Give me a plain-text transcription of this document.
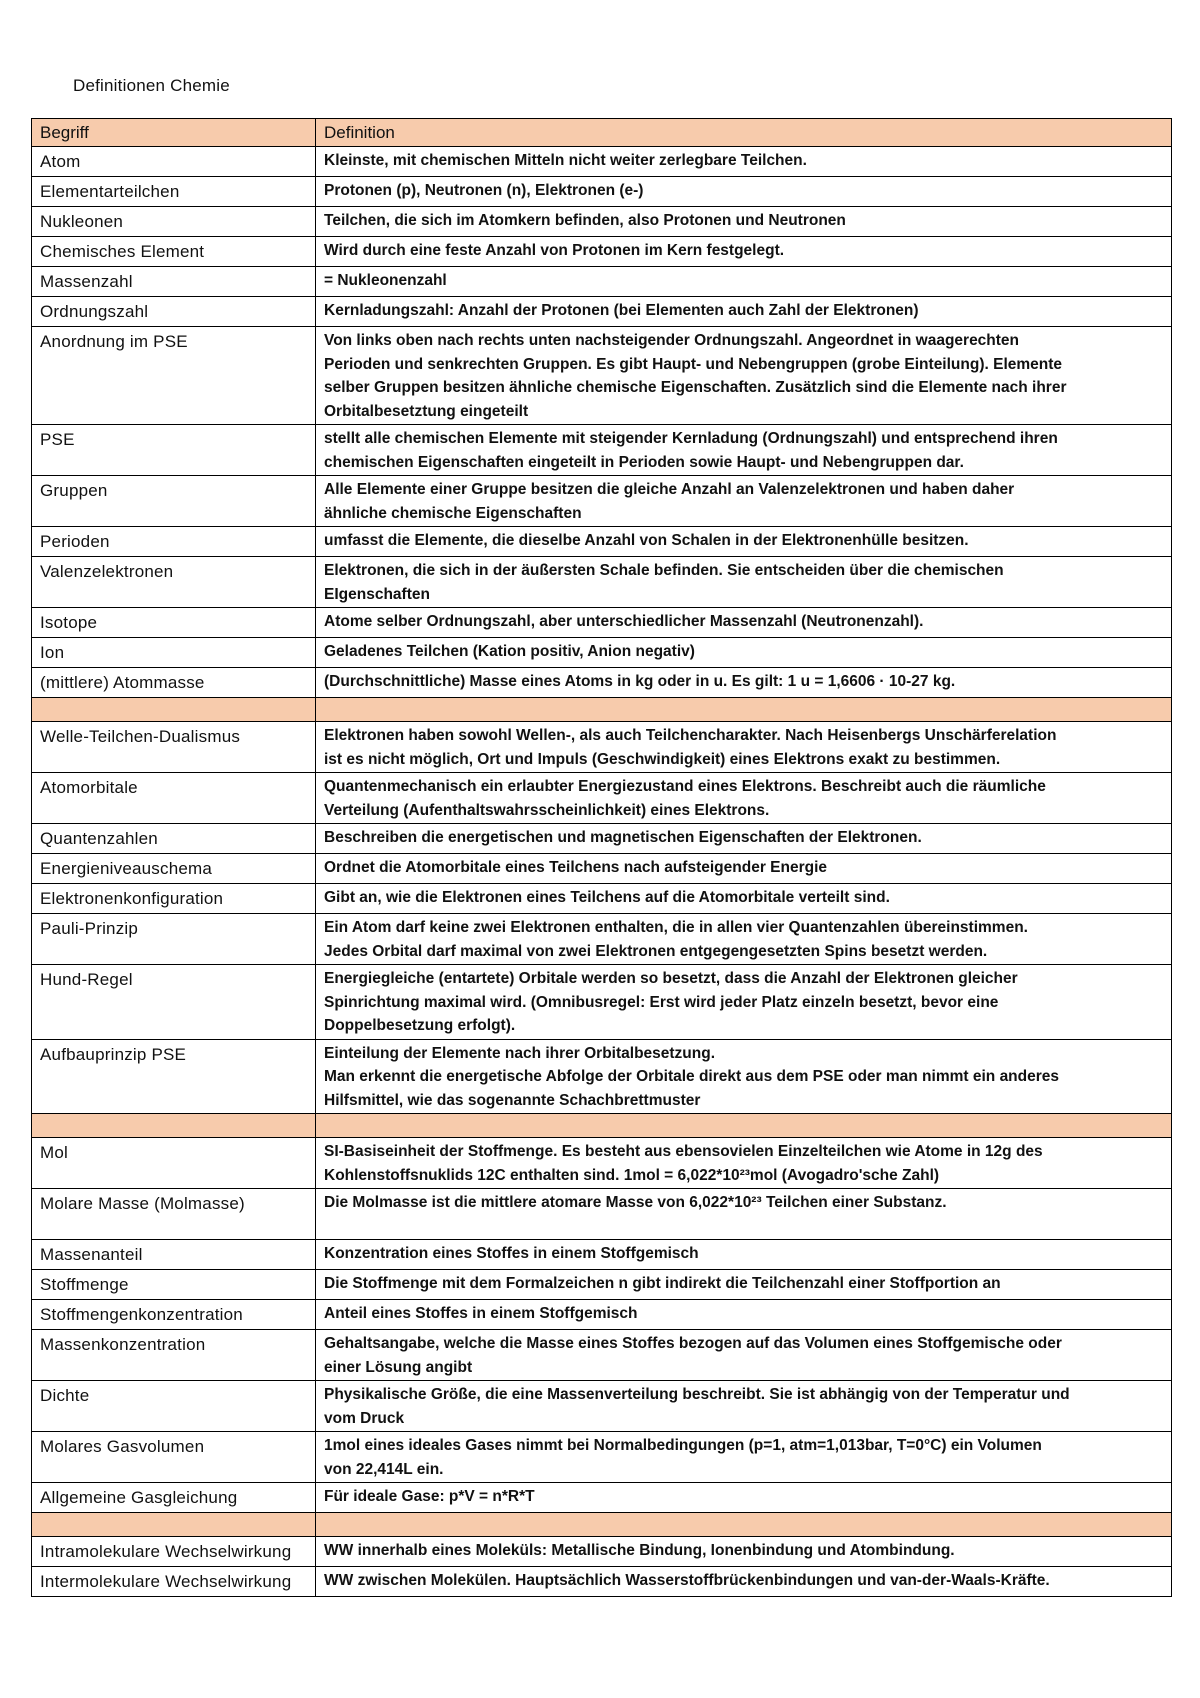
Definitionen Chemie
Begriff	Definition
Atom	Kleinste, mit chemischen Mitteln nicht weiter zerlegbare Teilchen.

Elementarteilchen	Protonen (p), Neutronen (n), Elektronen (e-)

Nukleonen	Teilchen, die sich im Atomkern befinden, also Protonen und Neutronen

Chemisches Element	Wird durch eine feste Anzahl von Protonen im Kern festgelegt.

Massenzahl	= Nukleonenzahl

Ordnungszahl	Kernladungszahl: Anzahl der Protonen (bei Elementen auch Zahl der Elektronen)

Anordnung im PSE	Von links oben nach rechts unten nachsteigender Ordnungszahl. Angeordnet in waagerechten
Perioden und senkrechten Gruppen. Es gibt Haupt- und Nebengruppen (grobe Einteilung). Elemente
selber Gruppen besitzen ähnliche chemische Eigenschaften. Zusätzlich sind die Elemente nach ihrer
Orbitalbesetztung eingeteilt

PSE	stellt alle chemischen Elemente mit steigender Kernladung (Ordnungszahl) und entsprechend ihren
chemischen Eigenschaften eingeteilt in Perioden sowie Haupt- und Nebengruppen dar.

Gruppen	Alle Elemente einer Gruppe besitzen die gleiche Anzahl an Valenzelektronen und haben daher
ähnliche chemische Eigenschaften

Perioden	umfasst die Elemente, die dieselbe Anzahl von Schalen in der Elektronenhülle besitzen.

Valenzelektronen	Elektronen, die sich in der äußersten Schale befinden. Sie entscheiden über die chemischen
EIgenschaften

Isotope	Atome selber Ordnungszahl, aber unterschiedlicher Massenzahl (Neutronenzahl).

Ion	Geladenes Teilchen (Kation positiv, Anion negativ)

(mittlere) Atommasse	(Durchschnittliche) Masse eines Atoms in kg oder in u. Es gilt: 1 u = 1,6606 · 10-27 kg.

Welle-Teilchen-Dualismus	Elektronen haben sowohl Wellen-, als auch Teilchencharakter. Nach Heisenbergs Unschärferelation
ist es nicht möglich, Ort und Impuls (Geschwindigkeit) eines Elektrons exakt zu bestimmen.

Atomorbitale	Quantenmechanisch ein erlaubter Energiezustand eines Elektrons. Beschreibt auch die räumliche
Verteilung (Aufenthaltswahrsscheinlichkeit) eines Elektrons.

Quantenzahlen	Beschreiben die energetischen und magnetischen Eigenschaften der Elektronen.

Energieniveauschema	Ordnet die Atomorbitale eines Teilchens nach aufsteigender Energie

Elektronenkonfiguration	Gibt an, wie die Elektronen eines Teilchens auf die Atomorbitale verteilt sind.

Pauli-Prinzip	Ein Atom darf keine zwei Elektronen enthalten, die in allen vier Quantenzahlen übereinstimmen.
Jedes Orbital darf maximal von zwei Elektronen entgegengesetzten Spins besetzt werden.

Hund-Regel	Energiegleiche (entartete) Orbitale werden so besetzt, dass die Anzahl der Elektronen gleicher
Spinrichtung maximal wird. (Omnibusregel: Erst wird jeder Platz einzeln besetzt, bevor eine
Doppelbesetzung erfolgt).

Aufbauprinzip PSE	Einteilung der Elemente nach ihrer Orbitalbesetzung.
Man erkennt die energetische Abfolge der Orbitale direkt aus dem PSE oder man nimmt ein anderes
Hilfsmittel, wie das sogenannte Schachbrettmuster

Mol	SI-Basiseinheit der Stoffmenge. Es besteht aus ebensovielen Einzelteilchen wie Atome in 12g des
Kohlenstoffsnuklids 12C enthalten sind. 1mol = 6,022*10²³mol (Avogadro'sche Zahl)

Molare Masse (Molmasse)	Die Molmasse ist die mittlere atomare Masse von 6,022*10²³ Teilchen einer Substanz.

Massenanteil	Konzentration eines Stoffes in einem Stoffgemisch

Stoffmenge	Die Stoffmenge mit dem Formalzeichen n gibt indirekt die Teilchenzahl einer Stoffportion an

Stoffmengenkonzentration	Anteil eines Stoffes in einem Stoffgemisch

Massenkonzentration	Gehaltsangabe, welche die Masse eines Stoffes bezogen auf das Volumen eines Stoffgemische oder
einer Lösung angibt

Dichte	Physikalische Größe, die eine Massenverteilung beschreibt. Sie ist abhängig von der Temperatur und
vom Druck

Molares Gasvolumen	1mol eines ideales Gases nimmt bei Normalbedingungen (p=1, atm=1,013bar, T=0°C) ein Volumen
von 22,414L ein.

Allgemeine Gasgleichung	Für ideale Gase: p*V = n*R*T

Intramolekulare Wechselwirkung	WW innerhalb eines Moleküls: Metallische Bindung, Ionenbindung und Atombindung.

Intermolekulare Wechselwirkung	WW zwischen Molekülen. Hauptsächlich Wasserstoffbrückenbindungen und van-der-Waals-Kräfte.
